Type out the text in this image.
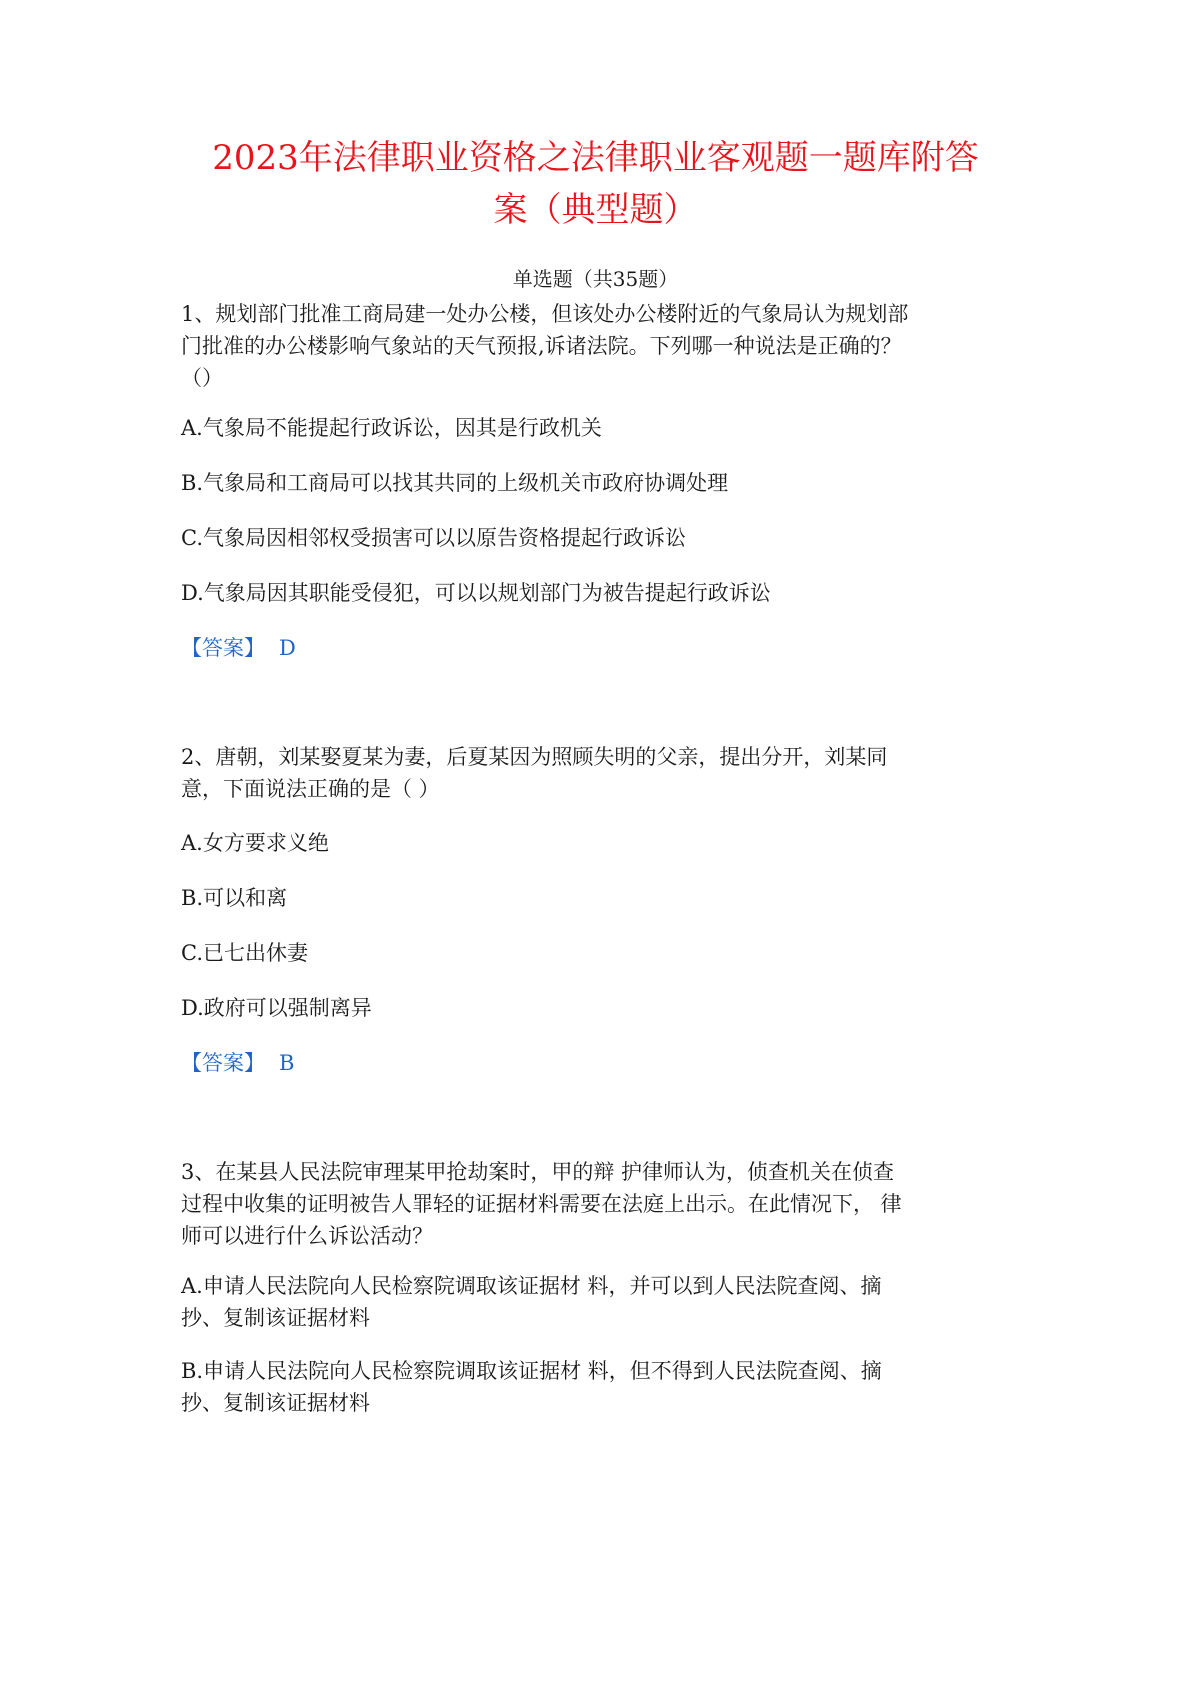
2023年法律职业资格之法律职业客观题一题库附答
案（典型题）

单选题（共35题）

1、规划部门批准工商局建一处办公楼，但该处办公楼附近的气象局认为规划部
门批准的办公楼影响气象站的天气预报,诉诸法院。下列哪一种说法是正确的？
（）

A.气象局不能提起行政诉讼，因其是行政机关

B.气象局和工商局可以找其共同的上级机关市政府协调处理

C.气象局因相邻权受损害可以以原告资格提起行政诉讼

D.气象局因其职能受侵犯，可以以规划部门为被告提起行政诉讼

【答案】 D

2、唐朝，刘某娶夏某为妻，后夏某因为照顾失明的父亲，提出分开，刘某同
意，下面说法正确的是（ ）

A.女方要求义绝

B.可以和离

C.已七出休妻

D.政府可以强制离异

【答案】 B

3、在某县人民法院审理某甲抢劫案时，甲的辩 护律师认为，侦查机关在侦查
过程中收集的证明被告人罪轻的证据材料需要在法庭上出示。在此情况下， 律
师可以进行什么诉讼活动？

A.申请人民法院向人民检察院调取该证据材 料，并可以到人民法院查阅、摘
抄、复制该证据材料

B.申请人民法院向人民检察院调取该证据材 料，但不得到人民法院查阅、摘
抄、复制该证据材料
